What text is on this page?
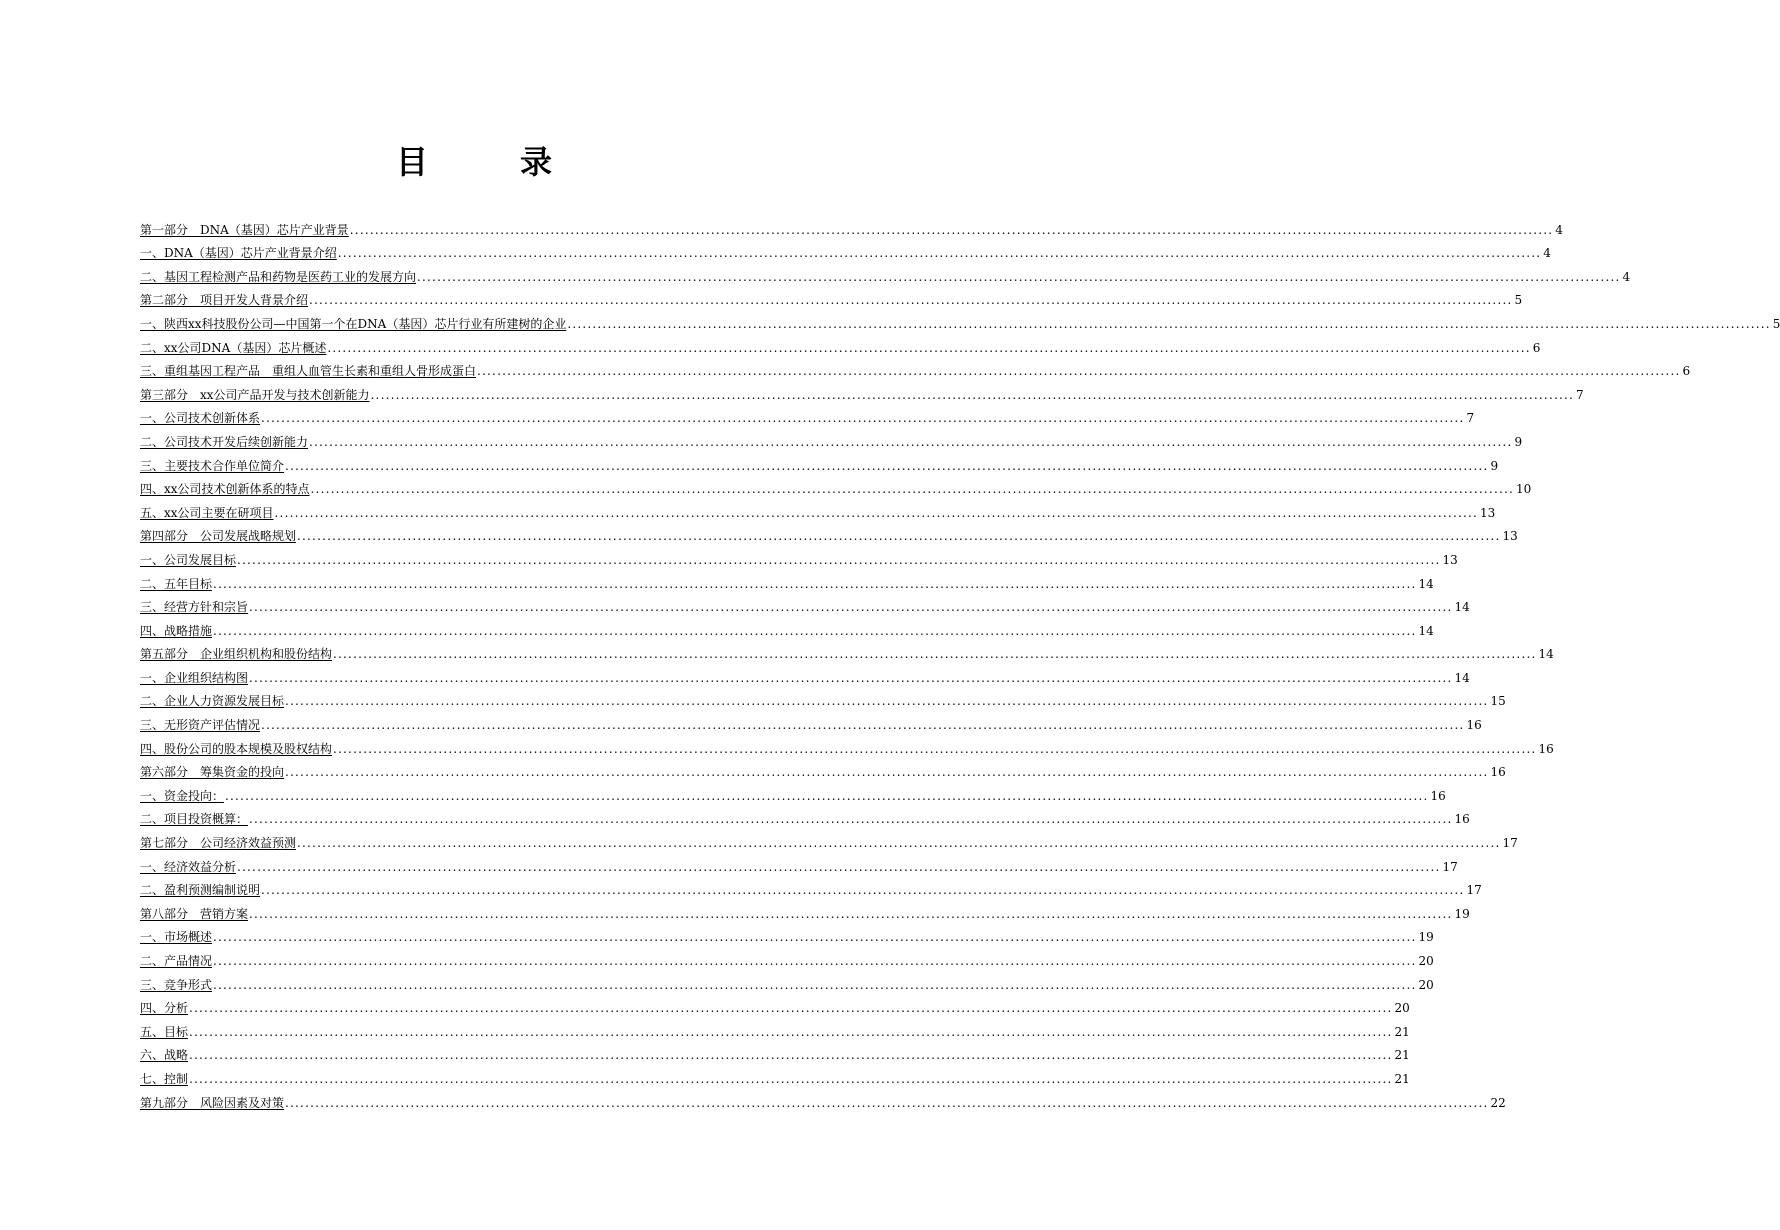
目	录
第一部分　DNA（基因）芯片产业背景 ................................................................................................................................................................................................................................................ 4
一、DNA（基因）芯片产业背景介绍 ................................................................................................................................................................................................................................................ 4
二、基因工程检测产品和药物是医药工业的发展方向 ................................................................................................................................................................................................................................................ 4
第二部分　项目开发人背景介绍 ................................................................................................................................................................................................................................................ 5
一、陕西xx科技股份公司—中国第一个在DNA（基因）芯片行业有所建树的企业 ................................................................................................................................................................................................................................................ 5
二、xx公司DNA（基因）芯片概述 ................................................................................................................................................................................................................................................ 6
三、重组基因工程产品　重组人血管生长素和重组人骨形成蛋白 ................................................................................................................................................................................................................................................ 6
第三部分　xx公司产品开发与技术创新能力 ................................................................................................................................................................................................................................................ 7
一、公司技术创新体系 ................................................................................................................................................................................................................................................ 7
二、公司技术开发后续创新能力 ................................................................................................................................................................................................................................................ 9
三、主要技术合作单位简介 ................................................................................................................................................................................................................................................ 9
四、xx公司技术创新体系的特点 ................................................................................................................................................................................................................................................ 10
五、xx公司主要在研项目 ................................................................................................................................................................................................................................................ 13
第四部分　公司发展战略规划 ................................................................................................................................................................................................................................................ 13
一、公司发展目标 ................................................................................................................................................................................................................................................ 13
二、五年目标 ................................................................................................................................................................................................................................................ 14
三、经营方针和宗旨 ................................................................................................................................................................................................................................................ 14
四、战略措施 ................................................................................................................................................................................................................................................ 14
第五部分　企业组织机构和股份结构 ................................................................................................................................................................................................................................................ 14
一、企业组织结构图 ................................................................................................................................................................................................................................................ 14
二、企业人力资源发展目标 ................................................................................................................................................................................................................................................ 15
三、无形资产评估情况 ................................................................................................................................................................................................................................................ 16
四、股份公司的股本规模及股权结构 ................................................................................................................................................................................................................................................ 16
第六部分　筹集资金的投向 ................................................................................................................................................................................................................................................ 16
一、资金投向： ................................................................................................................................................................................................................................................ 16
二、项目投资概算： ................................................................................................................................................................................................................................................ 16
第七部分　公司经济效益预测 ................................................................................................................................................................................................................................................ 17
一、经济效益分析 ................................................................................................................................................................................................................................................ 17
二、盈利预测编制说明 ................................................................................................................................................................................................................................................ 17
第八部分　营销方案 ................................................................................................................................................................................................................................................ 19
一、市场概述 ................................................................................................................................................................................................................................................ 19
二、产品情况 ................................................................................................................................................................................................................................................ 20
三、竞争形式 ................................................................................................................................................................................................................................................ 20
四、分析 ................................................................................................................................................................................................................................................ 20
五、目标 ................................................................................................................................................................................................................................................ 21
六、战略 ................................................................................................................................................................................................................................................ 21
七、控制 ................................................................................................................................................................................................................................................ 21
第九部分　风险因素及对策 ................................................................................................................................................................................................................................................ 22
